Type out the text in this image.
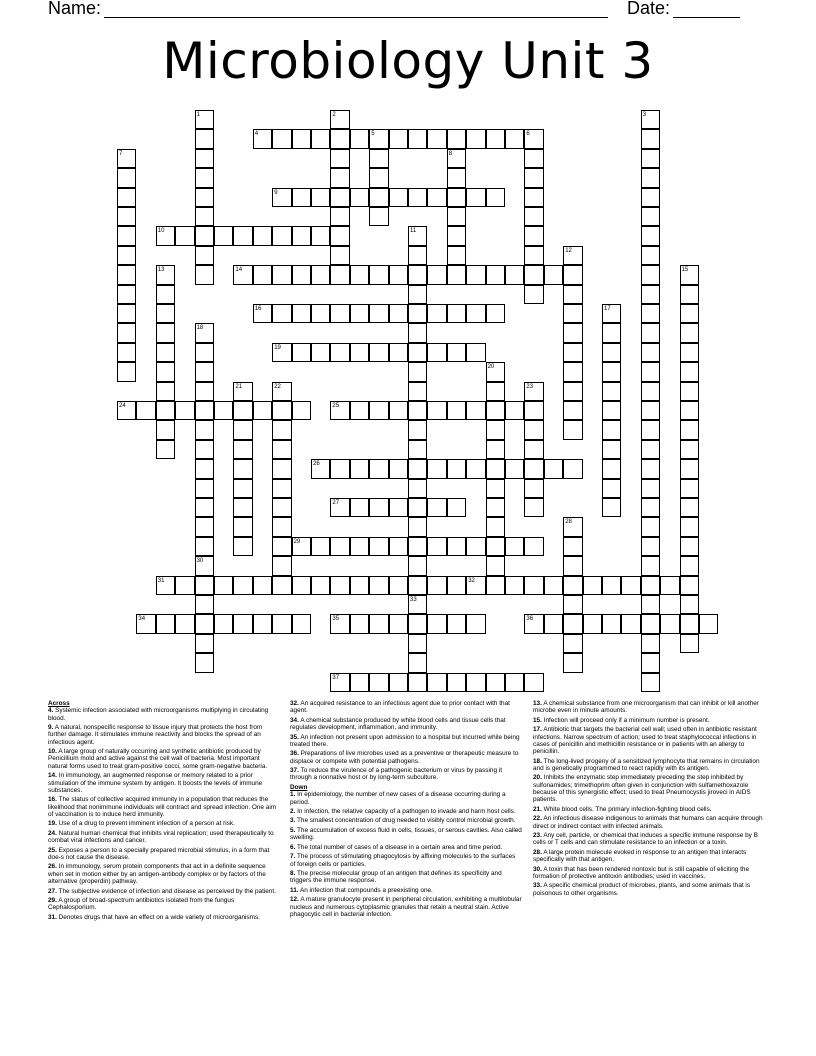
Name:	Date:
Microbiology Unit 3
1	2	3
4	5	6
7	8
9
10	11
33
12
13	14	15
16	17
18
19
20
21	22	23
24	25
26
27
28
29
30
31	32
34	35	36
37
Across
4. Systemic infection associated with microorganisms multiplying in circulating blood.
9. A natural, nonspecific response to tissue injury that protects the host from further damage. It stimulates immune reactivity and blocks the spread of an infectious agent.
10. A large group of naturally occurring and synthetic antibiotic produced by Penicillium mold and active against the cell wall of bacteria. Most important natural forms used to treat gram-positive cocci, some gram-negative bacteria.
14. In immunology, an augmented response or memory related to a prior stimulation of the immune system by antigen. It boosts the levels of immune substances.
16. The status of collective acquired immunity in a population that reduces the likelihood that nonimmune individuals will contract and spread infection. One aim of vaccination is to induce herd immunity.
19. Use of a drug to prevent imminent infection of a person at risk.
24. Natural human chemical that inhibits viral replication; used therapeutically to combat viral infections and cancer.
25. Exposes a person to a specially prepared microbial stimulus, in a form that doe-s not cause the disease.
26. In immunology, serum protein components that act in a definite sequence when set in motion either by an antigen-antibody complex or by factors of the alternative (properdin) pathway.
27. The subjective evidence of infection and disease as perceived by the patient.
29. A group of broad-spectrum antibiotics isolated from the fungus Cephalosporium.
31. Denotes drugs that have an effect on a wide variety of microorganisms.
32. An acquired resistance to an infectious agent due to prior contact with that agent.
34. A chemical substance produced by white blood cells and tissue cells that regulates development, inflammation, and immunity.
35. An infection not present upon admission to a hospital but incurred while being treated there.
36. Preparations of live microbes used as a preventive or therapeutic measure to displace or compete with potential pathogens.
37. To reduce the virulence of a pathogenic bacterium or virus by passing it through a nonnative host or by long-term subculture.
Down
1. In epidemiology, the number of new cases of a disease occurring during a period.
2. In infection, the relative capacity of a pathogen to invade and harm host cells.
3. The smallest concentration of drug needed to visibly control microbial growth.
5. The accumulation of excess fluid in cells, tissues, or serous cavities. Also called swelling.
6. The total number of cases of a disease in a certain area and time period.
7. The process of stimulating phagocytosis by affixing molecules to the surfaces of foreign cells or particles.
8. The precise molecular group of an antigen that defines its specificity and triggers the immune response.
11. An infection that compounds a preexisting one.
12. A mature granulocyte present in peripheral circulation, exhibiting a multilobular nucleus and numerous cytoplasmic granules that retain a neutral stain. Active phagocytic cell in bacterial infection.
13. A chemical substance from one microorganism that can inhibit or kill another microbe even in minute amounts.
15. Infection will proceed only if a minimum number is present.
17. Antibiotic that targets the bacterial cell wall; used often in antibiotic resistant infections. Narrow spectrum of action; used to treat staphylococcal infections in cases of penicillin and methicillin resistance or in patients with an allergy to penicillin.
18. The long-lived progeny of a sensitized lymphocyte that remains in circulation and is genetically programmed to react rapidly with its antigen.
20. Inhibits the enzymatic step immediately preceding the step inhibited by sulfonamides; trimethoprim often given in conjunction with sulfamethoxazole because of this synergistic effect; used to treat Pneumocystis jiroveci in AIDS patients.
21. White blood cells. The primary infection-fighting blood cells.
22. An infectious disease indigenous to animals that humans can acquire through direct or indirect contact with infected animals.
23. Any cell, particle, or chemical that induces a specific immune response by B cells or T cells and can stimulate resistance to an infection or a toxin.
28. A large protein molecule evoked in response to an antigen that interacts specifically with that antigen.
30. A toxin that has been rendered nontoxic but is still capable of eliciting the formation of protective antitoxin antibodies; used in vaccines.
33. A specific chemical product of microbes, plants, and some animals that is poisonous to other organisms.
